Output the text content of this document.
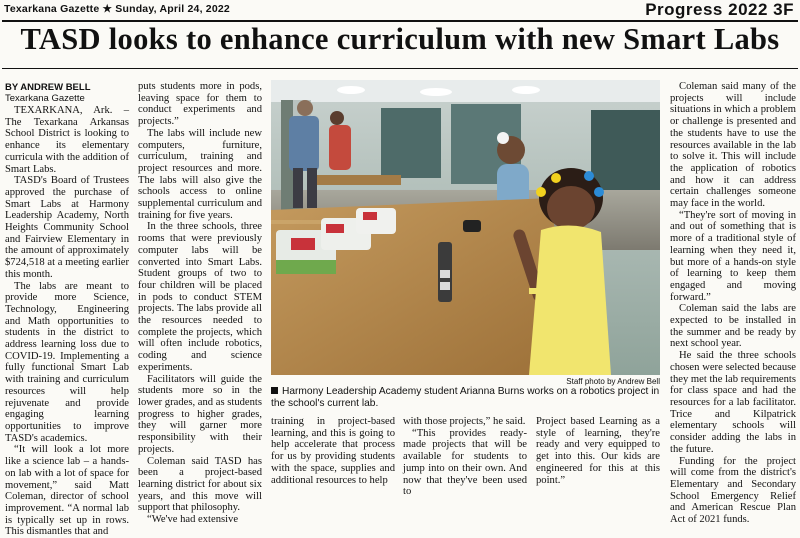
Texarkana Gazette ★ Sunday, April 24, 2022	Progress 2022 3F
TASD looks to enhance curriculum with new Smart Labs
BY ANDREW BELL
Texarkana Gazette

TEXARKANA, Ark. – The Texarkana Arkansas School District is looking to enhance its elementary curricula with the addition of Smart Labs.

TASD's Board of Trustees approved the purchase of Smart Labs at Harmony Leadership Academy, North Heights Community School and Fairview Elementary in the amount of approximately $724,518 at a meeting earlier this month.

The labs are meant to provide more Science, Technology, Engineering and Math opportunities to students in the district to address learning loss due to COVID-19. Implementing a fully functional Smart Lab with training and curriculum resources will help rejuvenate and provide engaging learning opportunities to improve TASD's academics.

“It will look a lot more like a science lab – a hands-on lab with a lot of space for movement,” said Matt Coleman, director of school improvement. “A normal lab is typically set up in rows. This dismantles that and

puts students more in pods, leaving space for them to conduct experiments and projects.”

The labs will include new computers, furniture, curriculum, training and project resources and more. The labs will also give the schools access to online supplemental curriculum and training for five years.

In the three schools, three rooms that were previously computer labs will be converted into Smart Labs. Student groups of two to four children will be placed in pods to conduct STEM projects. The labs provide all the resources needed to complete the projects, which will often include robotics, coding and science experiments.

Facilitators will guide the students more so in the lower grades, and as students progress to higher grades, they will garner more responsibility with their projects.

Coleman said TASD has been a project-based learning district for about six years, and this move will support that philosophy.

“We've had extensive

Staff photo by Andrew Bell
Harmony Leadership Academy student Arianna Burns works on a robotics project in the school's current lab.

training in project-based learning, and this is going to help accelerate that process for us by providing students with the space, supplies and additional resources to help

with those projects,” he said.

“This provides ready-made projects that will be available for students to jump into on their own. And now that they've been used to

Project based Learning as a style of learning, they're ready and very equipped to get into this. Our kids are engineered for this at this point.”

Coleman said many of the projects will include situations in which a problem or challenge is presented and the students have to use the resources available in the lab to solve it. This will include the application of robotics and how it can address certain challenges someone may face in the world.

“They're sort of moving in and out of something that is more of a traditional style of learning when they need it, but more of a hands-on style of learning to keep them engaged and moving forward.”

Coleman said the labs are expected to be installed in the summer and be ready by next school year.

He said the three schools chosen were selected because they met the lab requirements for class space and had the resources for a lab facilitator. Trice and Kilpatrick elementary schools will consider adding the labs in the future.

Funding for the project will come from the district's Elementary and Secondary School Emergency Relief and American Rescue Plan Act of 2021 funds.
